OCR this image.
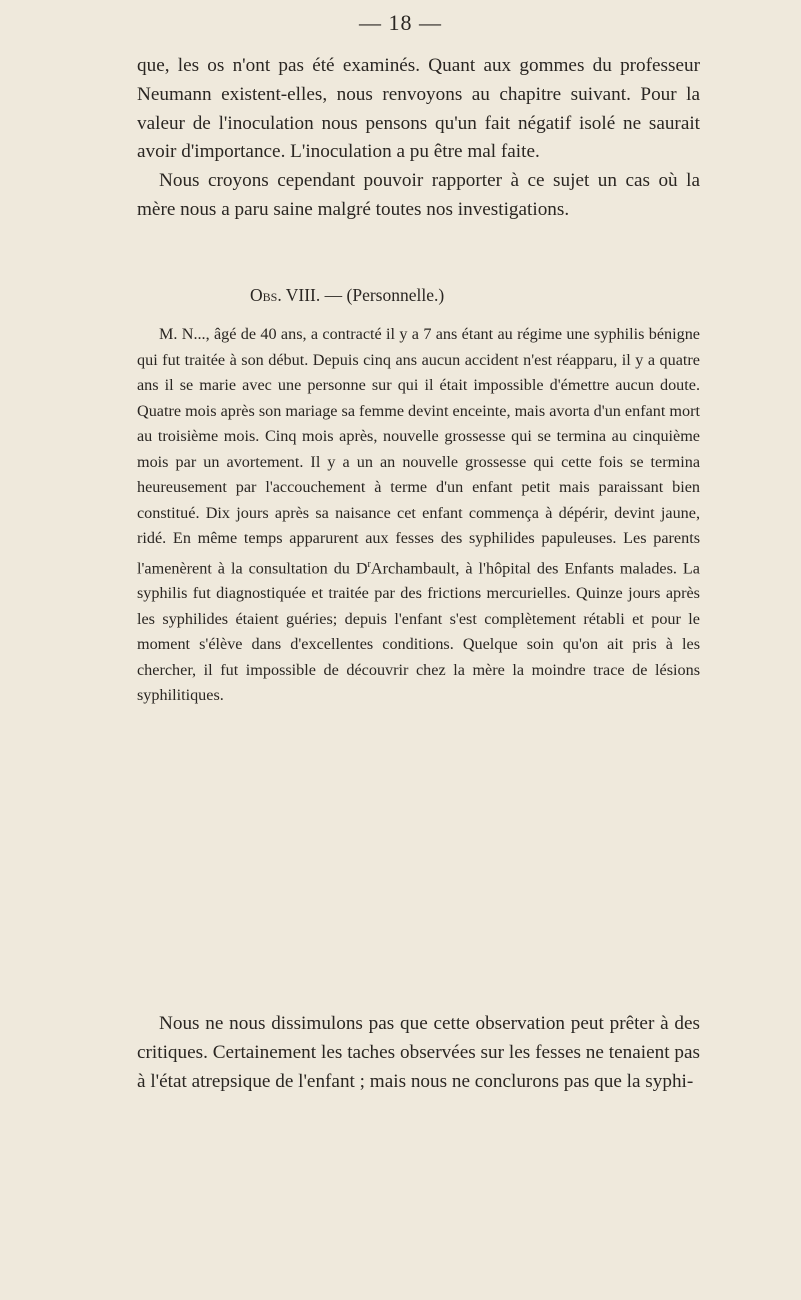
— 18 —

que, les os n'ont pas été examinés. Quant aux gommes du professeur Neumann existent-elles, nous renvoyons au chapitre suivant. Pour la valeur de l'inoculation nous pensons qu'un fait négatif isolé ne saurait avoir d'importance. L'inoculation a pu être mal faite.

Nous croyons cependant pouvoir rapporter à ce sujet un cas où la mère nous a paru saine malgré toutes nos investigations.

Obs. VIII. — (Personnelle.)

M. N..., âgé de 40 ans, a contracté il y a 7 ans étant au régime une syphilis bénigne qui fut traitée à son début. Depuis cinq ans aucun accident n'est réapparu, il y a quatre ans il se marie avec une personne sur qui il était impossible d'émettre aucun doute. Quatre mois après son mariage sa femme devint enceinte, mais avorta d'un enfant mort au troisième mois. Cinq mois après, nouvelle grossesse qui se termina au cinquième mois par un avortement. Il y a un an nouvelle grossesse qui cette fois se termina heureusement par l'accouchement à terme d'un enfant petit mais paraissant bien constitué. Dix jours après sa naisance cet enfant commença à dépérir, devint jaune, ridé. En même temps apparurent aux fesses des syphilides papuleuses. Les parents l'amenèrent à la consultation du $D^rArchambault$, à l'hôpital des Enfants malades. La syphilis fut diagnostiquée et traitée par des frictions mercurielles. Quinze jours après les syphilides étaient guéries; depuis l'enfant s'est complètement rétabli et pour le moment s'élève dans d'excellentes conditions. Quelque soin qu'on ait pris à les chercher, il fut impossible de découvrir chez la mère la moindre trace de lésions syphilitiques.

Nous ne nous dissimulons pas que cette observation peut prêter à des critiques. Certainement les taches observées sur les fesses ne tenaient pas à l'état atrepsique de l'enfant ; mais nous ne conclurons pas que la syphi-
